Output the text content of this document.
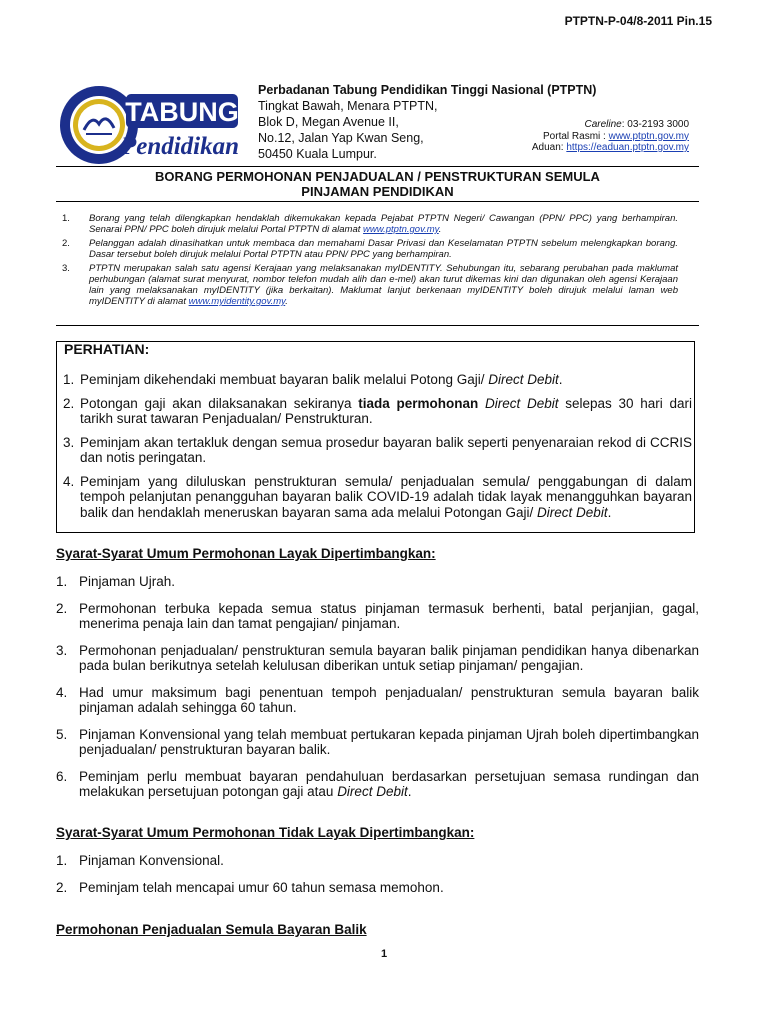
PTPTN-P-04/8-2011 Pin.15
TABUNG
Pendidikan
Perbadanan Tabung Pendidikan Tinggi Nasional (PTPTN)
Tingkat Bawah, Menara PTPTN,
Blok D, Megan Avenue II,
No.12, Jalan Yap Kwan Seng,
50450 Kuala Lumpur.
Careline: 03-2193 3000
Portal Rasmi : www.ptptn.gov.my
Aduan: https://eaduan.ptptn.gov.my
BORANG PERMOHONAN PENJADUALAN / PENSTRUKTURAN SEMULA
PINJAMAN PENDIDIKAN
1.	Borang yang telah dilengkapkan hendaklah dikemukakan kepada Pejabat PTPTN Negeri/ Cawangan (PPN/ PPC) yang berhampiran. Senarai PPN/ PPC boleh dirujuk melalui Portal PTPTN di alamat www.ptptn.gov.my.
2.	Pelanggan adalah dinasihatkan untuk membaca dan memahami Dasar Privasi dan Keselamatan PTPTN sebelum melengkapkan borang. Dasar tersebut boleh dirujuk melalui Portal PTPTN atau PPN/ PPC yang berhampiran.
3.	PTPTN merupakan salah satu agensi Kerajaan yang melaksanakan myIDENTITY. Sehubungan itu, sebarang perubahan pada maklumat perhubungan (alamat surat menyurat, nombor telefon mudah alih dan e-mel) akan turut dikemas kini dan digunakan oleh agensi Kerajaan lain yang melaksanakan myIDENTITY (jika berkaitan). Maklumat lanjut berkenaan myIDENTITY boleh dirujuk melalui laman web myIDENTITY di alamat www.myidentity.gov.my.
PERHATIAN:
1. Peminjam dikehendaki membuat bayaran balik melalui Potong Gaji/ Direct Debit.
2. Potongan gaji akan dilaksanakan sekiranya tiada permohonan Direct Debit selepas 30 hari dari tarikh surat tawaran Penjadualan/ Penstrukturan.
3. Peminjam akan tertakluk dengan semua prosedur bayaran balik seperti penyenaraian rekod di CCRIS dan notis peringatan.
4. Peminjam yang diluluskan penstrukturan semula/ penjadualan semula/ penggabungan di dalam tempoh pelanjutan penangguhan bayaran balik COVID-19 adalah tidak layak menangguhkan bayaran balik dan hendaklah meneruskan bayaran sama ada melalui Potongan Gaji/ Direct Debit.
Syarat-Syarat Umum Permohonan Layak Dipertimbangkan:
1. Pinjaman Ujrah.
2. Permohonan terbuka kepada semua status pinjaman termasuk berhenti, batal perjanjian, gagal, menerima penaja lain dan tamat pengajian/ pinjaman.
3. Permohonan penjadualan/ penstrukturan semula bayaran balik pinjaman pendidikan hanya dibenarkan pada bulan berikutnya setelah kelulusan diberikan untuk setiap pinjaman/ pengajian.
4. Had umur maksimum bagi penentuan tempoh penjadualan/ penstrukturan semula bayaran balik pinjaman adalah sehingga 60 tahun.
5. Pinjaman Konvensional yang telah membuat pertukaran kepada pinjaman Ujrah boleh dipertimbangkan penjadualan/ penstrukturan bayaran balik.
6. Peminjam perlu membuat bayaran pendahuluan berdasarkan persetujuan semasa rundingan dan melakukan persetujuan potongan gaji atau Direct Debit.
Syarat-Syarat Umum Permohonan Tidak Layak Dipertimbangkan:
1. Pinjaman Konvensional.
2. Peminjam telah mencapai umur 60 tahun semasa memohon.
Permohonan Penjadualan Semula Bayaran Balik
1
